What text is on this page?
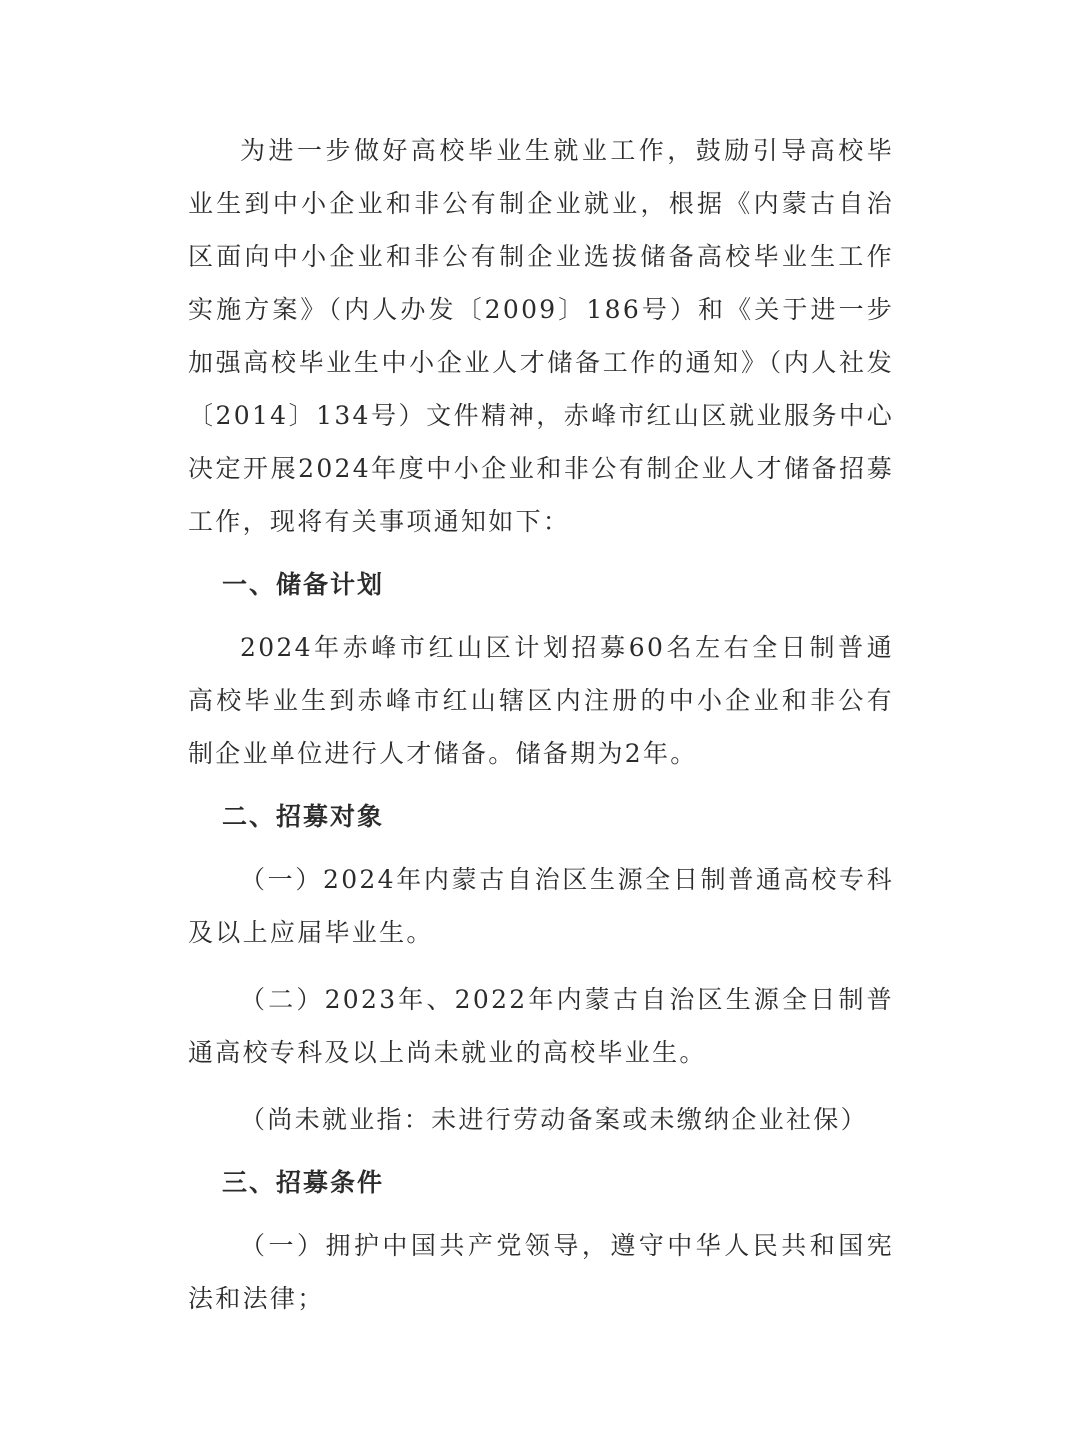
为进一步做好高校毕业生就业工作，鼓励引导高校毕业生到中小企业和非公有制企业就业，根据《内蒙古自治区面向中小企业和非公有制企业选拔储备高校毕业生工作实施方案》（内人办发〔2009〕186号）和《关于进一步加强高校毕业生中小企业人才储备工作的通知》（内人社发〔2014〕134号）文件精神，赤峰市红山区就业服务中心决定开展2024年度中小企业和非公有制企业人才储备招募工作，现将有关事项通知如下：

一、储备计划

2024年赤峰市红山区计划招募60名左右全日制普通高校毕业生到赤峰市红山辖区内注册的中小企业和非公有制企业单位进行人才储备。储备期为2年。

二、招募对象

（一）2024年内蒙古自治区生源全日制普通高校专科及以上应届毕业生。

（二）2023年、2022年内蒙古自治区生源全日制普通高校专科及以上尚未就业的高校毕业生。

（尚未就业指：未进行劳动备案或未缴纳企业社保）

三、招募条件

（一）拥护中国共产党领导，遵守中华人民共和国宪法和法律；
